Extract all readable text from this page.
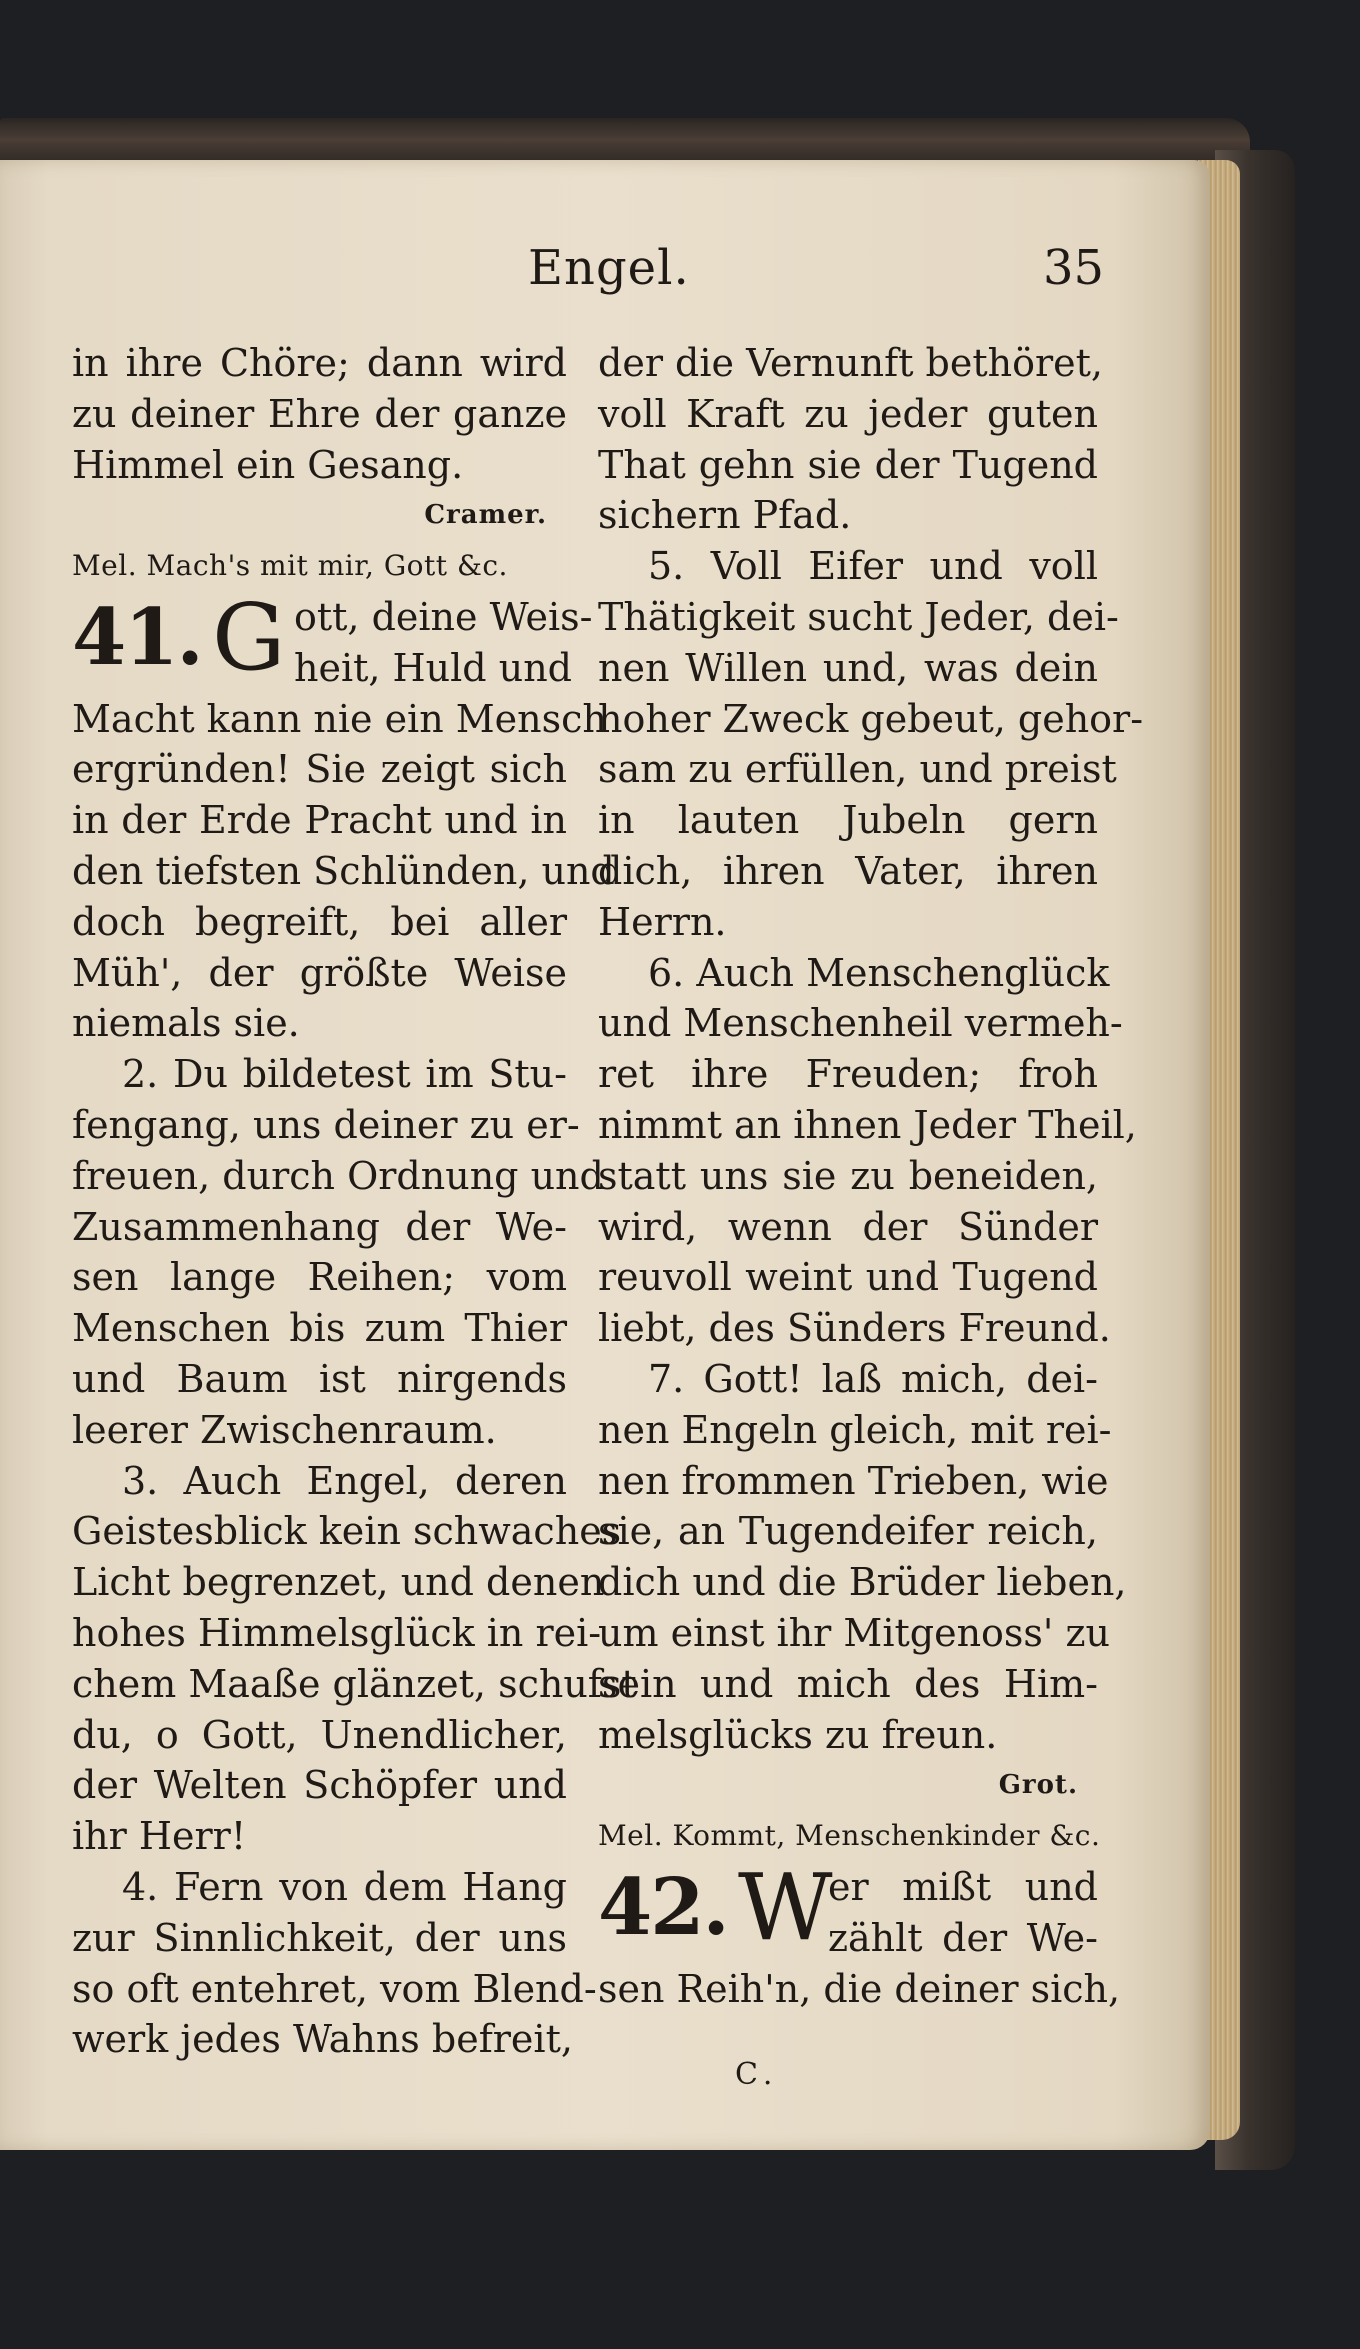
Engel.	35
in ihre Chöre; dann wird
zu deiner Ehre der ganze
Himmel ein Gesang.
Cramer.
Mel. Mach's mit mir, Gott &c.
41. G ott, deine Weis-
heit, Huld und
Macht kann nie ein Mensch
ergründen! Sie zeigt sich
in der Erde Pracht und in
den tiefsten Schlünden, und
doch begreift, bei aller
Müh', der größte Weise
niemals sie.
2. Du bildetest im Stu-
fengang, uns deiner zu er-
freuen, durch Ordnung und
Zusammenhang der We-
sen lange Reihen; vom
Menschen bis zum Thier
und Baum ist nirgends
leerer Zwischenraum.
3. Auch Engel, deren
Geistesblick kein schwaches
Licht begrenzet, und denen
hohes Himmelsglück in rei-
chem Maaße glänzet, schufst
du, o Gott, Unendlicher,
der Welten Schöpfer und
ihr Herr!
4. Fern von dem Hang
zur Sinnlichkeit, der uns
so oft entehret, vom Blend-
werk jedes Wahns befreit,
der die Vernunft bethöret,
voll Kraft zu jeder guten
That gehn sie der Tugend
sichern Pfad.
5. Voll Eifer und voll
Thätigkeit sucht Jeder, dei-
nen Willen und, was dein
hoher Zweck gebeut, gehor-
sam zu erfüllen, und preist
in lauten Jubeln gern
dich, ihren Vater, ihren
Herrn.
6. Auch Menschenglück
und Menschenheil vermeh-
ret ihre Freuden; froh
nimmt an ihnen Jeder Theil,
statt uns sie zu beneiden,
wird, wenn der Sünder
reuvoll weint und Tugend
liebt, des Sünders Freund.
7. Gott! laß mich, dei-
nen Engeln gleich, mit rei-
nen frommen Trieben, wie
sie, an Tugendeifer reich,
dich und die Brüder lieben,
um einst ihr Mitgenoss' zu
sein und mich des Him-
melsglücks zu freun.
Grot.
Mel. Kommt, Menschenkinder &c.
42. W
er mißt und
zählt der We-
sen Reih'n, die deiner sich,
C.
